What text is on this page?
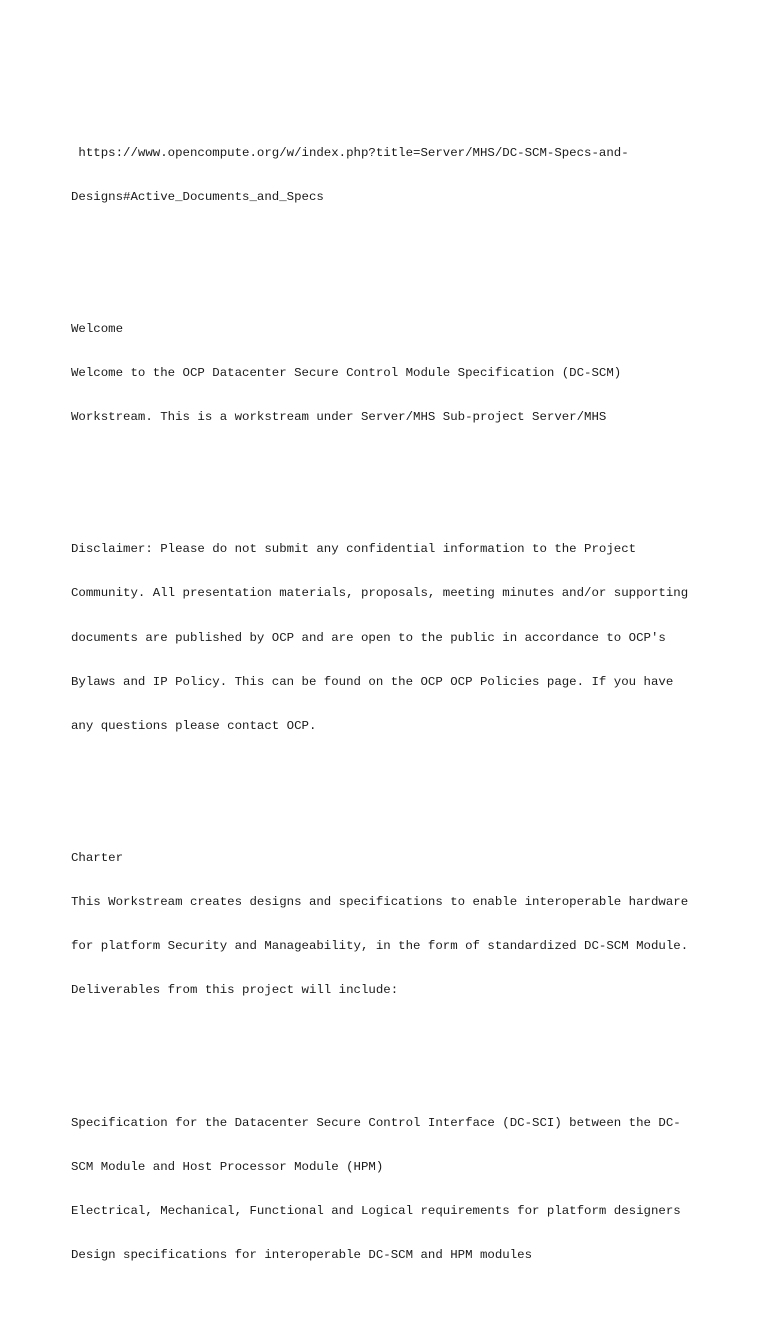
https://www.opencompute.org/w/index.php?title=Server/MHS/DC-SCM-Specs-and-

Designs#Active_Documents_and_Specs

Welcome

Welcome to the OCP Datacenter Secure Control Module Specification (DC-SCM)

Workstream. This is a workstream under Server/MHS Sub-project Server/MHS

Disclaimer: Please do not submit any confidential information to the Project

Community. All presentation materials, proposals, meeting minutes and/or supporting

documents are published by OCP and are open to the public in accordance to OCP's

Bylaws and IP Policy. This can be found on the OCP OCP Policies page. If you have

any questions please contact OCP.

Charter

This Workstream creates designs and specifications to enable interoperable hardware

for platform Security and Manageability, in the form of standardized DC-SCM Module.

Deliverables from this project will include:

Specification for the Datacenter Secure Control Interface (DC-SCI) between the DC-

SCM Module and Host Processor Module (HPM)

Electrical, Mechanical, Functional and Logical requirements for platform designers

Design specifications for interoperable DC-SCM and HPM modules
